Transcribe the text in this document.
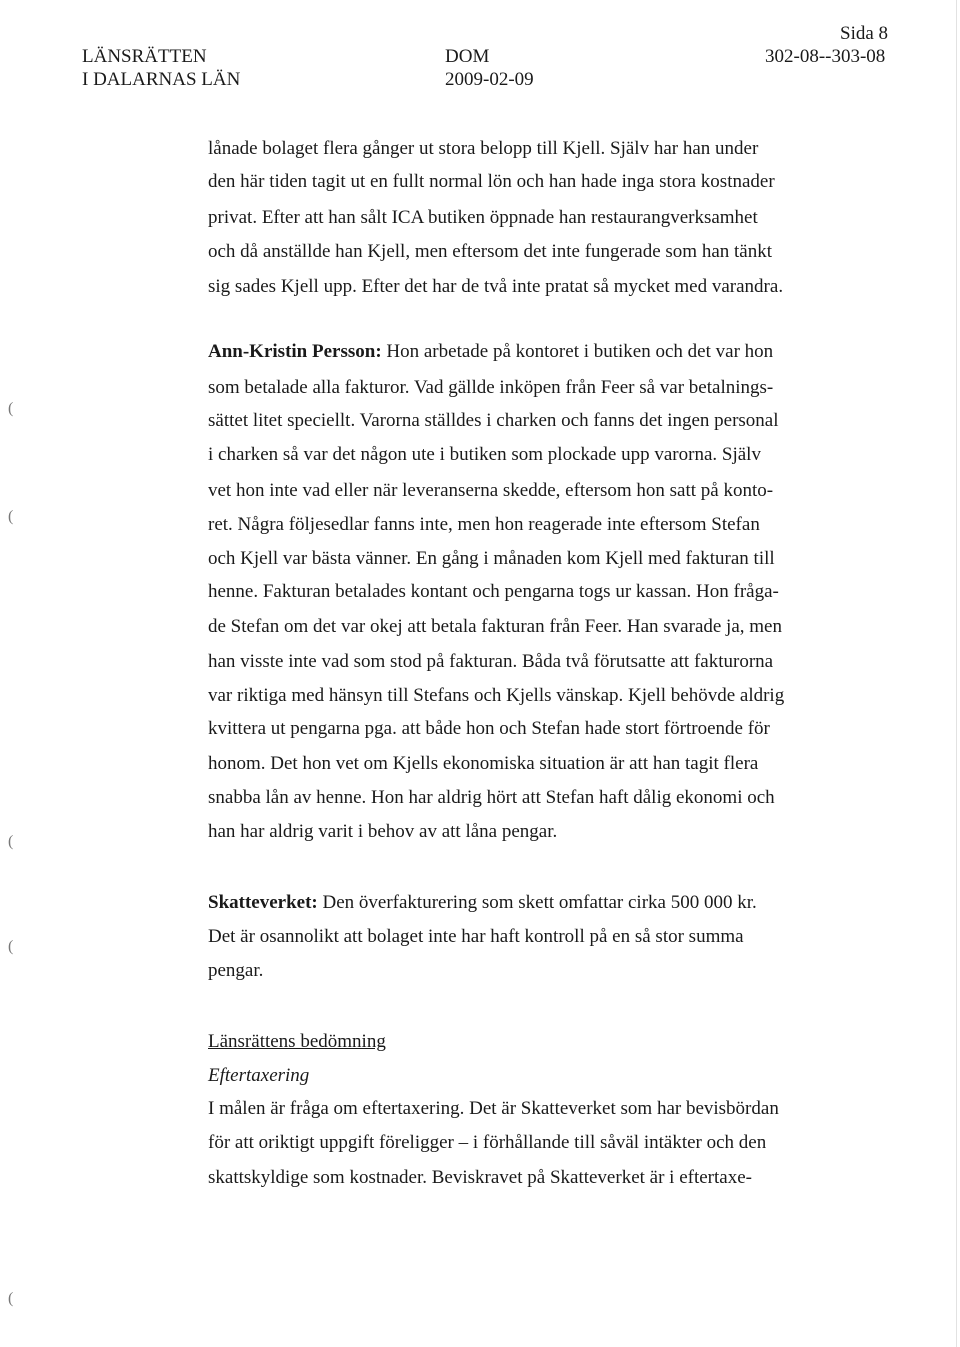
LÄNSRÄTTEN
I DALARNAS LÄN
DOM
2009-02-09
Sida 8
302-08--303-08
lånade bolaget flera gånger ut stora belopp till Kjell. Själv har han under
den här tiden tagit ut en fullt normal lön och han hade inga stora kostnader
privat. Efter att han sålt ICA butiken öppnade han restaurangverksamhet
och då anställde han Kjell, men eftersom det inte fungerade som han tänkt
sig sades Kjell upp. Efter det har de två inte pratat så mycket med varandra.
Ann-Kristin Persson: Hon arbetade på kontoret i butiken och det var hon
som betalade alla fakturor. Vad gällde inköpen från Feer så var betalnings-
sättet litet speciellt. Varorna ställdes i charken och fanns det ingen personal
i charken så var det någon ute i butiken som plockade upp varorna. Själv
vet hon inte vad eller när leveranserna skedde, eftersom hon satt på konto-
ret. Några följesedlar fanns inte, men hon reagerade inte eftersom Stefan
och Kjell var bästa vänner. En gång i månaden kom Kjell med fakturan till
henne. Fakturan betalades kontant och pengarna togs ur kassan. Hon fråga-
de Stefan om det var okej att betala fakturan från Feer. Han svarade ja, men
han visste inte vad som stod på fakturan. Båda två förutsatte att fakturorna
var riktiga med hänsyn till Stefans och Kjells vänskap. Kjell behövde aldrig
kvittera ut pengarna pga. att både hon och Stefan hade stort förtroende för
honom. Det hon vet om Kjells ekonomiska situation är att han tagit flera
snabba lån av henne. Hon har aldrig hört att Stefan haft dålig ekonomi och
han har aldrig varit i behov av att låna pengar.
Skatteverket: Den överfakturering som skett omfattar cirka 500 000 kr.
Det är osannolikt att bolaget inte har haft kontroll på en så stor summa
pengar.
Länsrättens bedömning
Eftertaxering
I målen är fråga om eftertaxering. Det är Skatteverket som har bevisbördan
för att oriktigt uppgift föreligger – i förhållande till såväl intäkter och den
skattskyldige som kostnader. Beviskravet på Skatteverket är i eftertaxe-
(
(
(
(
(
